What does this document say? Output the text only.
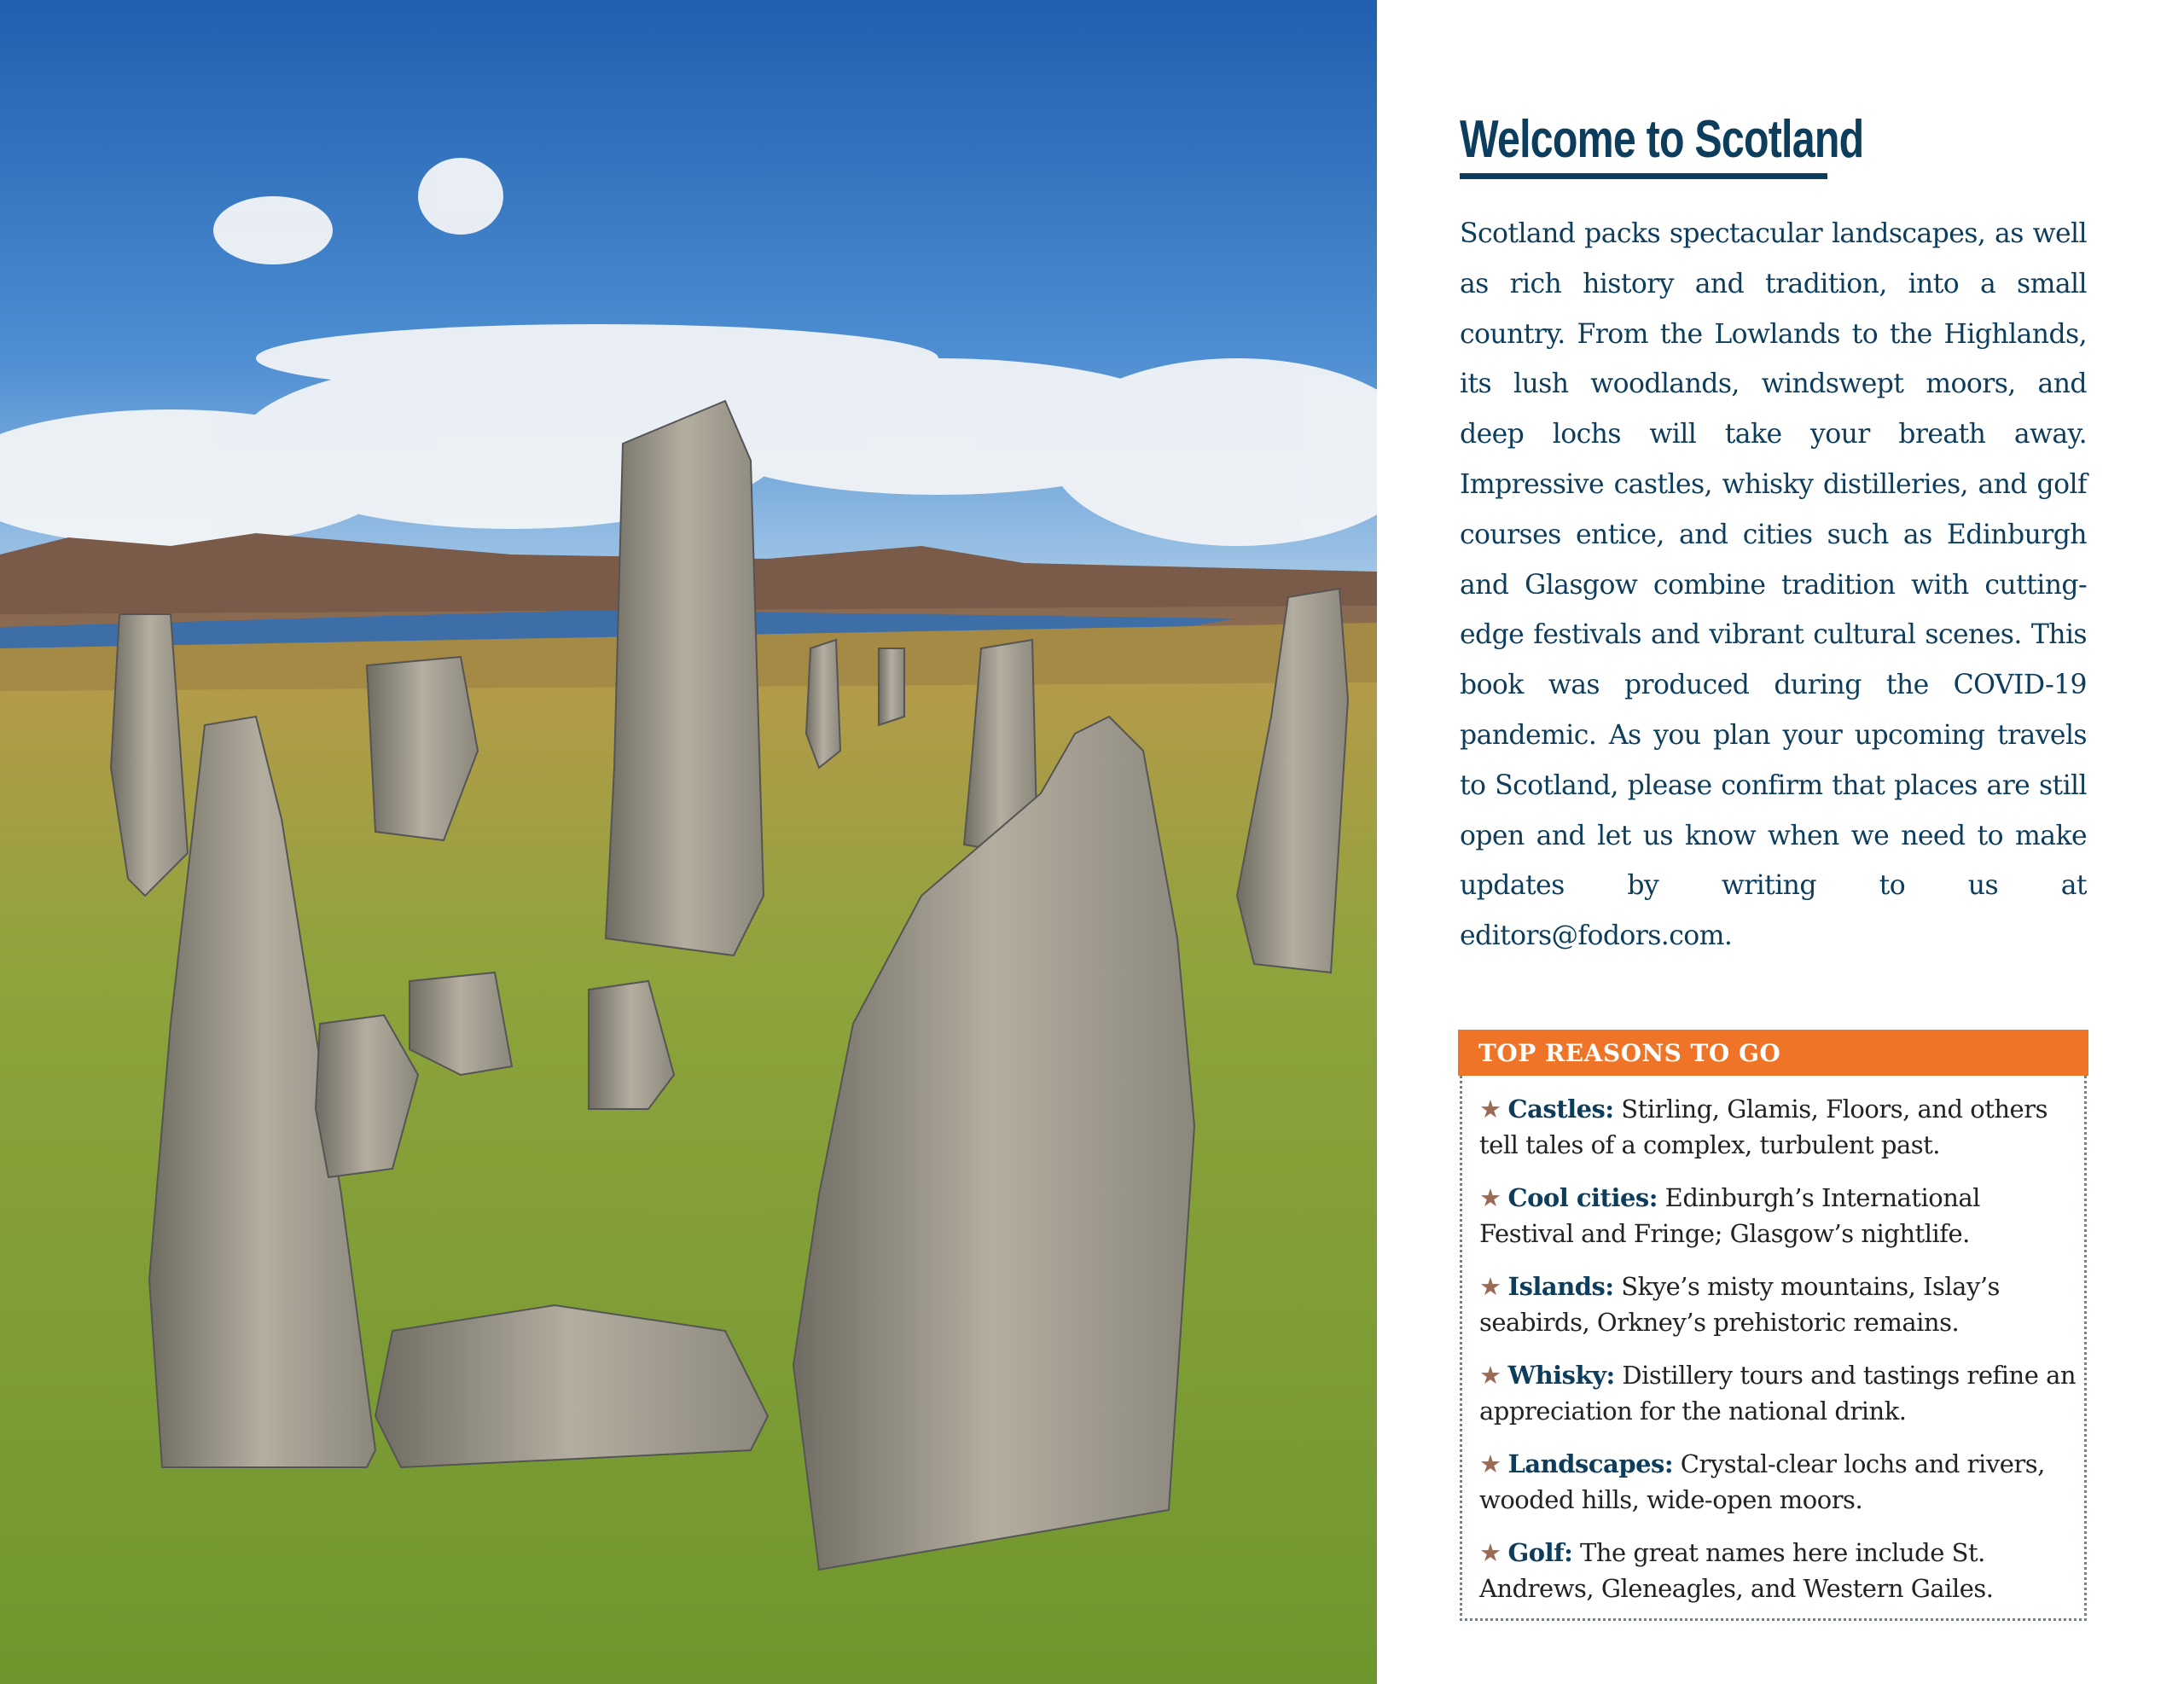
Welcome to Scotland
Scotland packs spectacular landscapes, as well as rich history and tradition, into a small country. From the Lowlands to the Highlands, its lush woodlands, windswept moors, and deep lochs will take your breath away. Impressive castles, whisky distilleries, and golf courses entice, and cities such as Edinburgh and Glasgow combine tradition with cutting-edge festivals and vibrant cultural scenes. This book was produced during the COVID-19 pandemic. As you plan your upcoming travels to Scotland, please confirm that places are still open and let us know when we need to make updates by writing to us at editors@fodors.com.
TOP REASONS TO GO
★ Castles: Stirling, Glamis, Floors, and others tell tales of a complex, turbulent past.
★ Cool cities: Edinburgh’s International Festival and Fringe; Glasgow’s nightlife.
★ Islands: Skye’s misty mountains, Islay’s seabirds, Orkney’s prehistoric remains.
★ Whisky: Distillery tours and tastings refine an appreciation for the national drink.
★ Landscapes: Crystal-clear lochs and rivers, wooded hills, wide-open moors.
★ Golf: The great names here include St. Andrews, Gleneagles, and Western Gailes.
